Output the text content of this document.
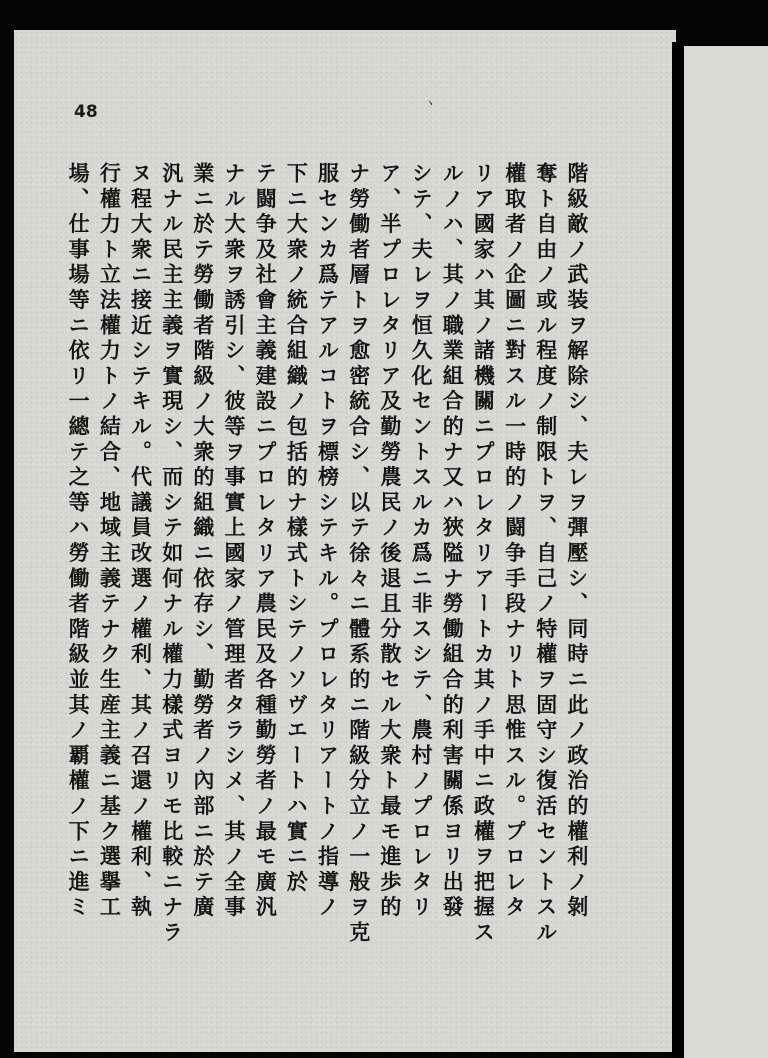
48	ヽ

階級敵ノ武装ヲ解除シ、夫レヲ彈壓シ、同時ニ此ノ政治的權利ノ剝

奪ト自由ノ或ル程度ノ制限トヲ、自己ノ特權ヲ固守シ復活セントスル

權取者ノ企圖ニ對スル一時的ノ闘争手段ナリト思惟スル。プロレタ

リア國家ハ其ノ諸機關ニプロレタリアートカ其ノ手中ニ政權ヲ把握ス

ルノハ、其ノ職業組合的ナ又ハ狹隘ナ勞働組合的利害關係ヨリ出發

シテ、夫レヲ恒久化セントスルカ爲ニ非スシテ、農村ノプロレタリ

ア、半プロレタリア及勤勞農民ノ後退且分散セル大衆ト最モ進歩的

ナ勞働者層トヲ愈密統合シ、以テ徐々ニ體系的ニ階級分立ノ一般ヲ克

服センカ爲テアルコトヲ標榜シテキル。プロレタリアートノ指導ノ

下ニ大衆ノ統合組織ノ包括的ナ樣式トシテノソヴエートハ實ニ於

テ闘争及社會主義建設ニプロレタリア農民及各種勤勞者ノ最モ廣汎

ナル大衆ヲ誘引シ、彼等ヲ事實上國家ノ管理者タラシメ、其ノ全事

業ニ於テ勞働者階級ノ大衆的組織ニ依存シ、勤勞者ノ內部ニ於テ廣

汎ナル民主主義ヲ實現シ、而シテ如何ナル權力樣式ヨリモ比較ニナラ

ヌ程大衆ニ接近シテキル。代議員改選ノ權利、其ノ召還ノ權利、執

行權力ト立法權力トノ結合、地域主義テナク生産主義ニ基ク選擧工

場、仕事場等ニ依リ一總テ之等ハ勞働者階級並其ノ覇權ノ下ニ進ミ
